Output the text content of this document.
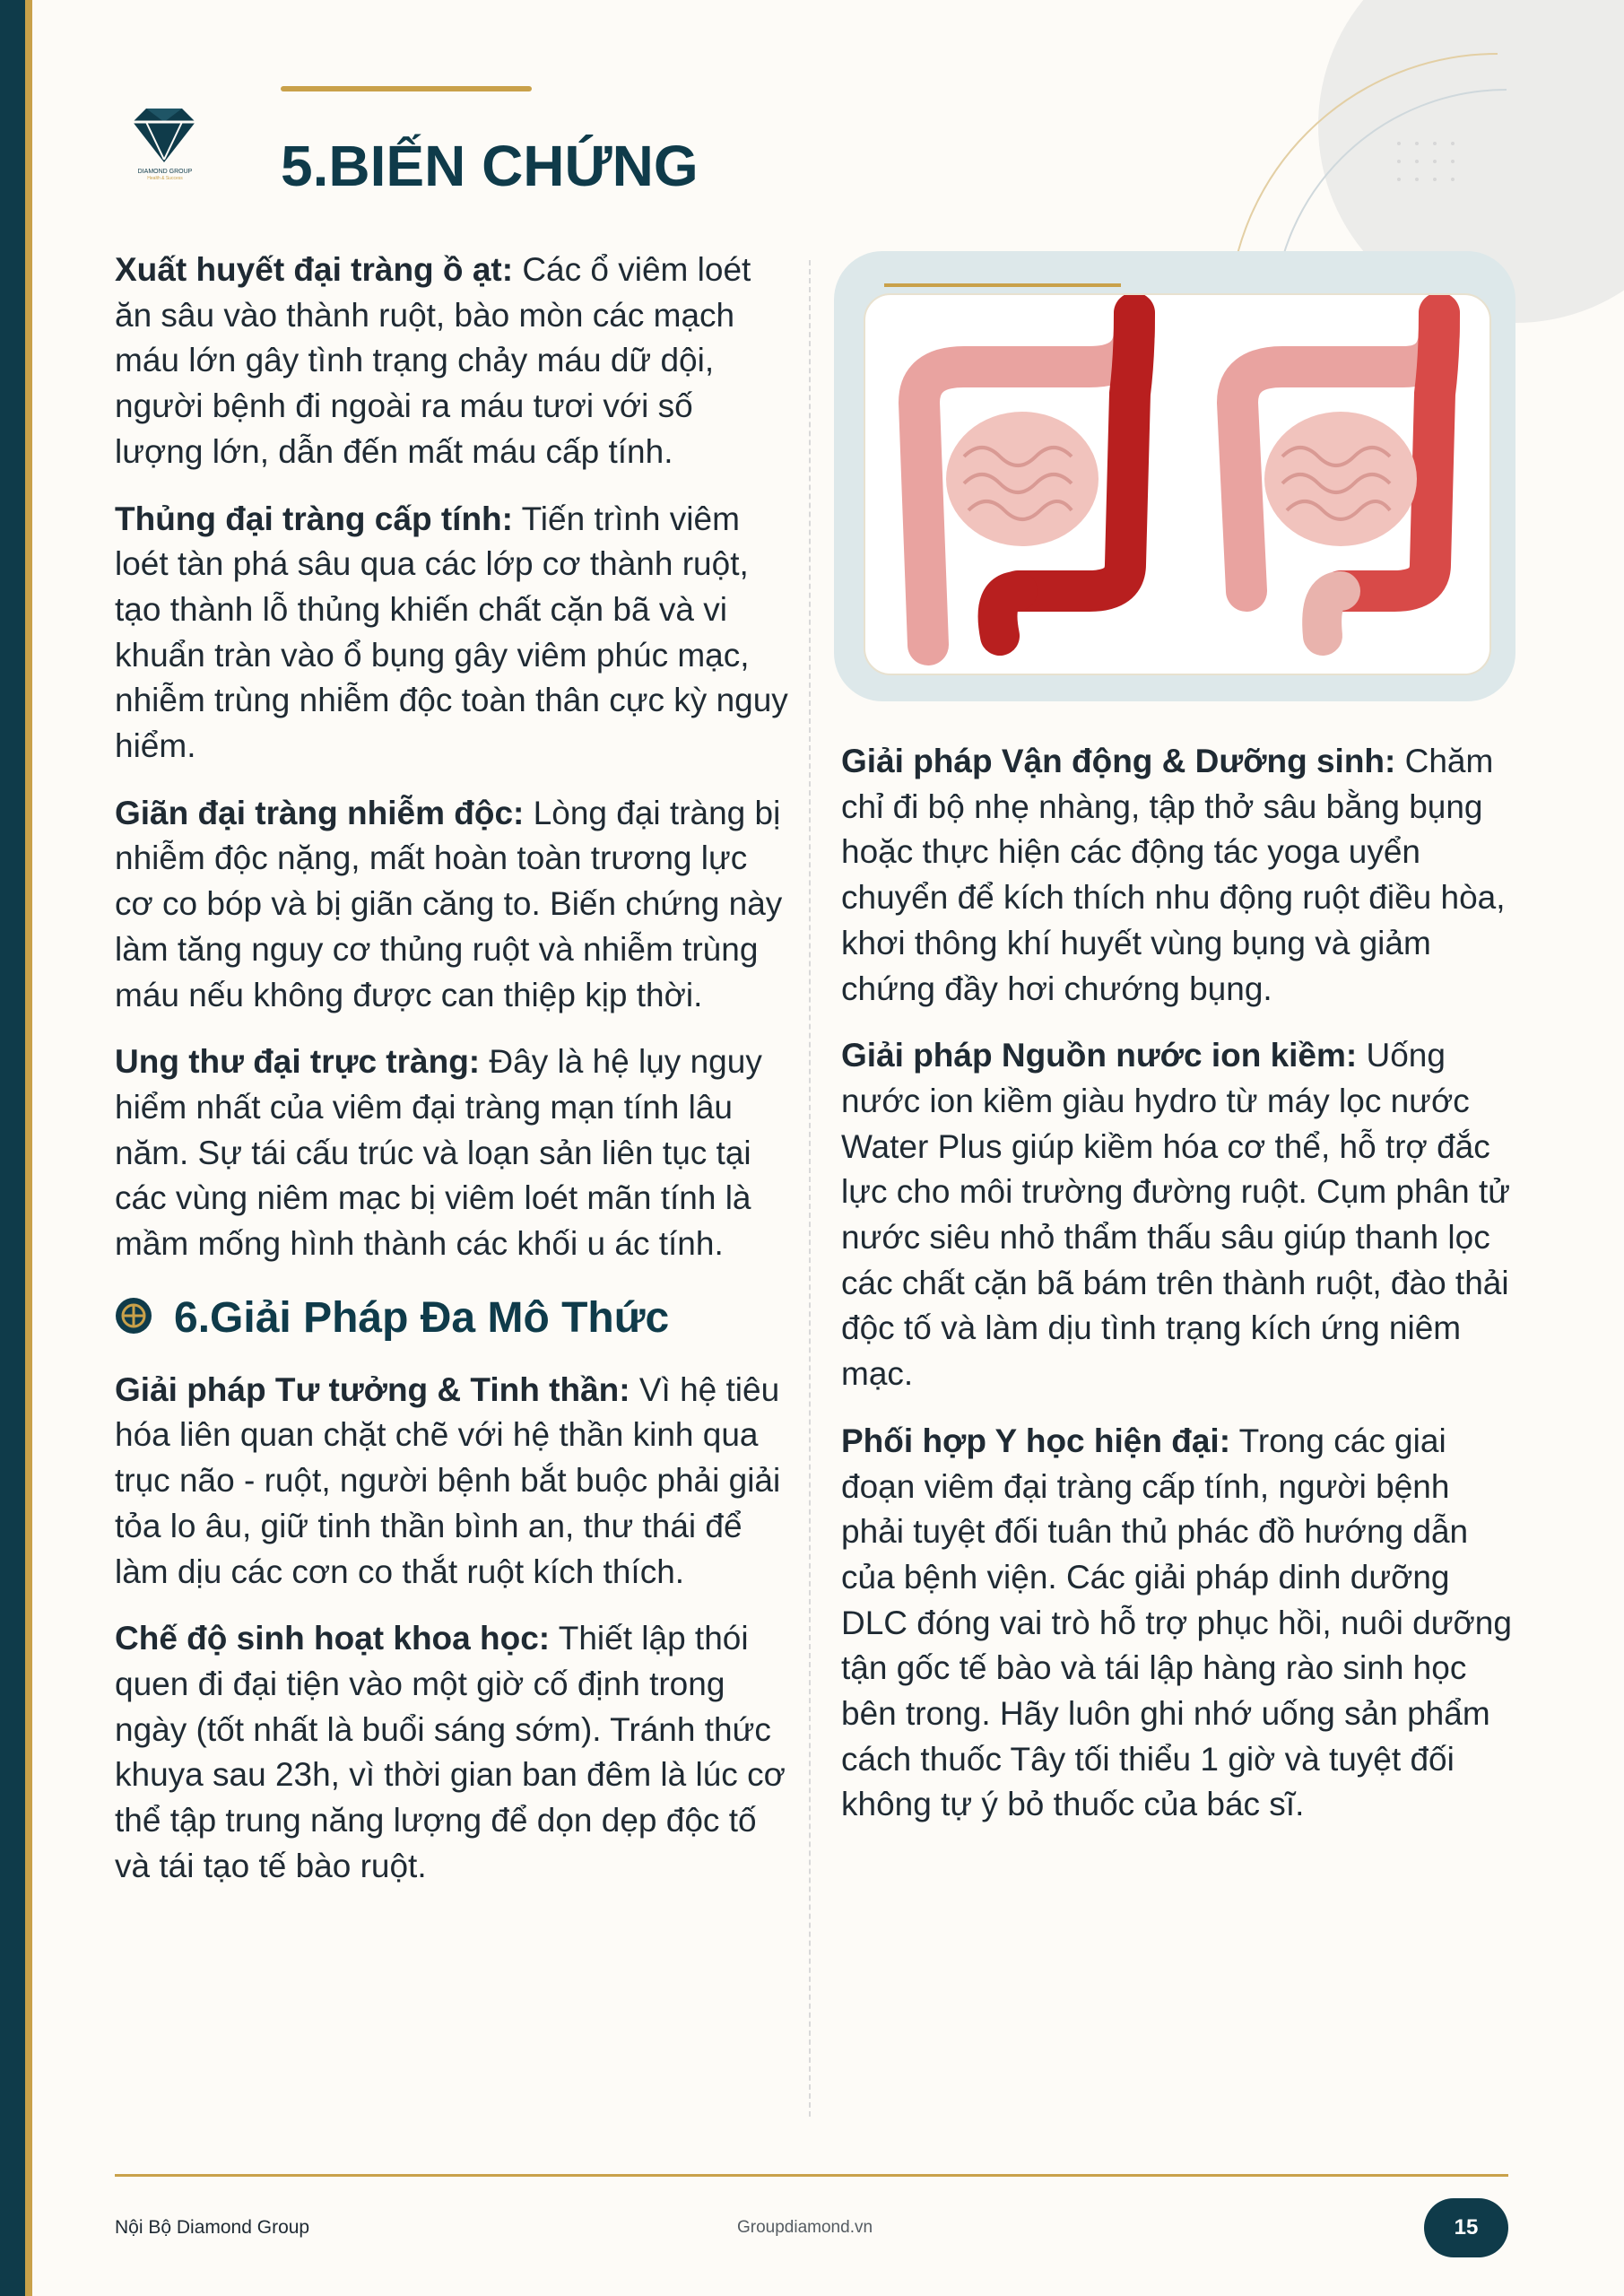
DIAMOND GROUP
Health & Success	5.BIẾN CHỨNG

Xuất huyết đại tràng ồ ạt: Các ổ viêm loét ăn sâu vào thành ruột, bào mòn các mạch máu lớn gây tình trạng chảy máu dữ dội, người bệnh đi ngoài ra máu tươi với số lượng lớn, dẫn đến mất máu cấp tính.

Thủng đại tràng cấp tính: Tiến trình viêm loét tàn phá sâu qua các lớp cơ thành ruột, tạo thành lỗ thủng khiến chất cặn bã và vi khuẩn tràn vào ổ bụng gây viêm phúc mạc, nhiễm trùng nhiễm độc toàn thân cực kỳ nguy hiểm.

Giãn đại tràng nhiễm độc: Lòng đại tràng bị nhiễm độc nặng, mất hoàn toàn trương lực cơ co bóp và bị giãn căng to. Biến chứng này làm tăng nguy cơ thủng ruột và nhiễm trùng máu nếu không được can thiệp kịp thời.

Ung thư đại trực tràng: Đây là hệ lụy nguy hiểm nhất của viêm đại tràng mạn tính lâu năm. Sự tái cấu trúc và loạn sản liên tục tại các vùng niêm mạc bị viêm loét mãn tính là mầm mống hình thành các khối u ác tính.

6.Giải Pháp Đa Mô Thức

Giải pháp Tư tưởng & Tinh thần: Vì hệ tiêu hóa liên quan chặt chẽ với hệ thần kinh qua trục não - ruột, người bệnh bắt buộc phải giải tỏa lo âu, giữ tinh thần bình an, thư thái để làm dịu các cơn co thắt ruột kích thích.

Chế độ sinh hoạt khoa học: Thiết lập thói quen đi đại tiện vào một giờ cố định trong ngày (tốt nhất là buổi sáng sớm). Tránh thức khuya sau 23h, vì thời gian ban đêm là lúc cơ thể tập trung năng lượng để dọn dẹp độc tố và tái tạo tế bào ruột.

Giải pháp Vận động & Dưỡng sinh: Chăm chỉ đi bộ nhẹ nhàng, tập thở sâu bằng bụng hoặc thực hiện các động tác yoga uyển chuyển để kích thích nhu động ruột điều hòa, khơi thông khí huyết vùng bụng và giảm chứng đầy hơi chướng bụng.

Giải pháp Nguồn nước ion kiềm: Uống nước ion kiềm giàu hydro từ máy lọc nước Water Plus giúp kiềm hóa cơ thể, hỗ trợ đắc lực cho môi trường đường ruột. Cụm phân tử nước siêu nhỏ thẩm thấu sâu giúp thanh lọc các chất cặn bã bám trên thành ruột, đào thải độc tố và làm dịu tình trạng kích ứng niêm mạc.

Phối hợp Y học hiện đại: Trong các giai đoạn viêm đại tràng cấp tính, người bệnh phải tuyệt đối tuân thủ phác đồ hướng dẫn của bệnh viện. Các giải pháp dinh dưỡng DLC đóng vai trò hỗ trợ phục hồi, nuôi dưỡng tận gốc tế bào và tái lập hàng rào sinh học bên trong. Hãy luôn ghi nhớ uống sản phẩm cách thuốc Tây tối thiểu 1 giờ và tuyệt đối không tự ý bỏ thuốc của bác sĩ.

Nội Bộ Diamond Group	Groupdiamond.vn	15
